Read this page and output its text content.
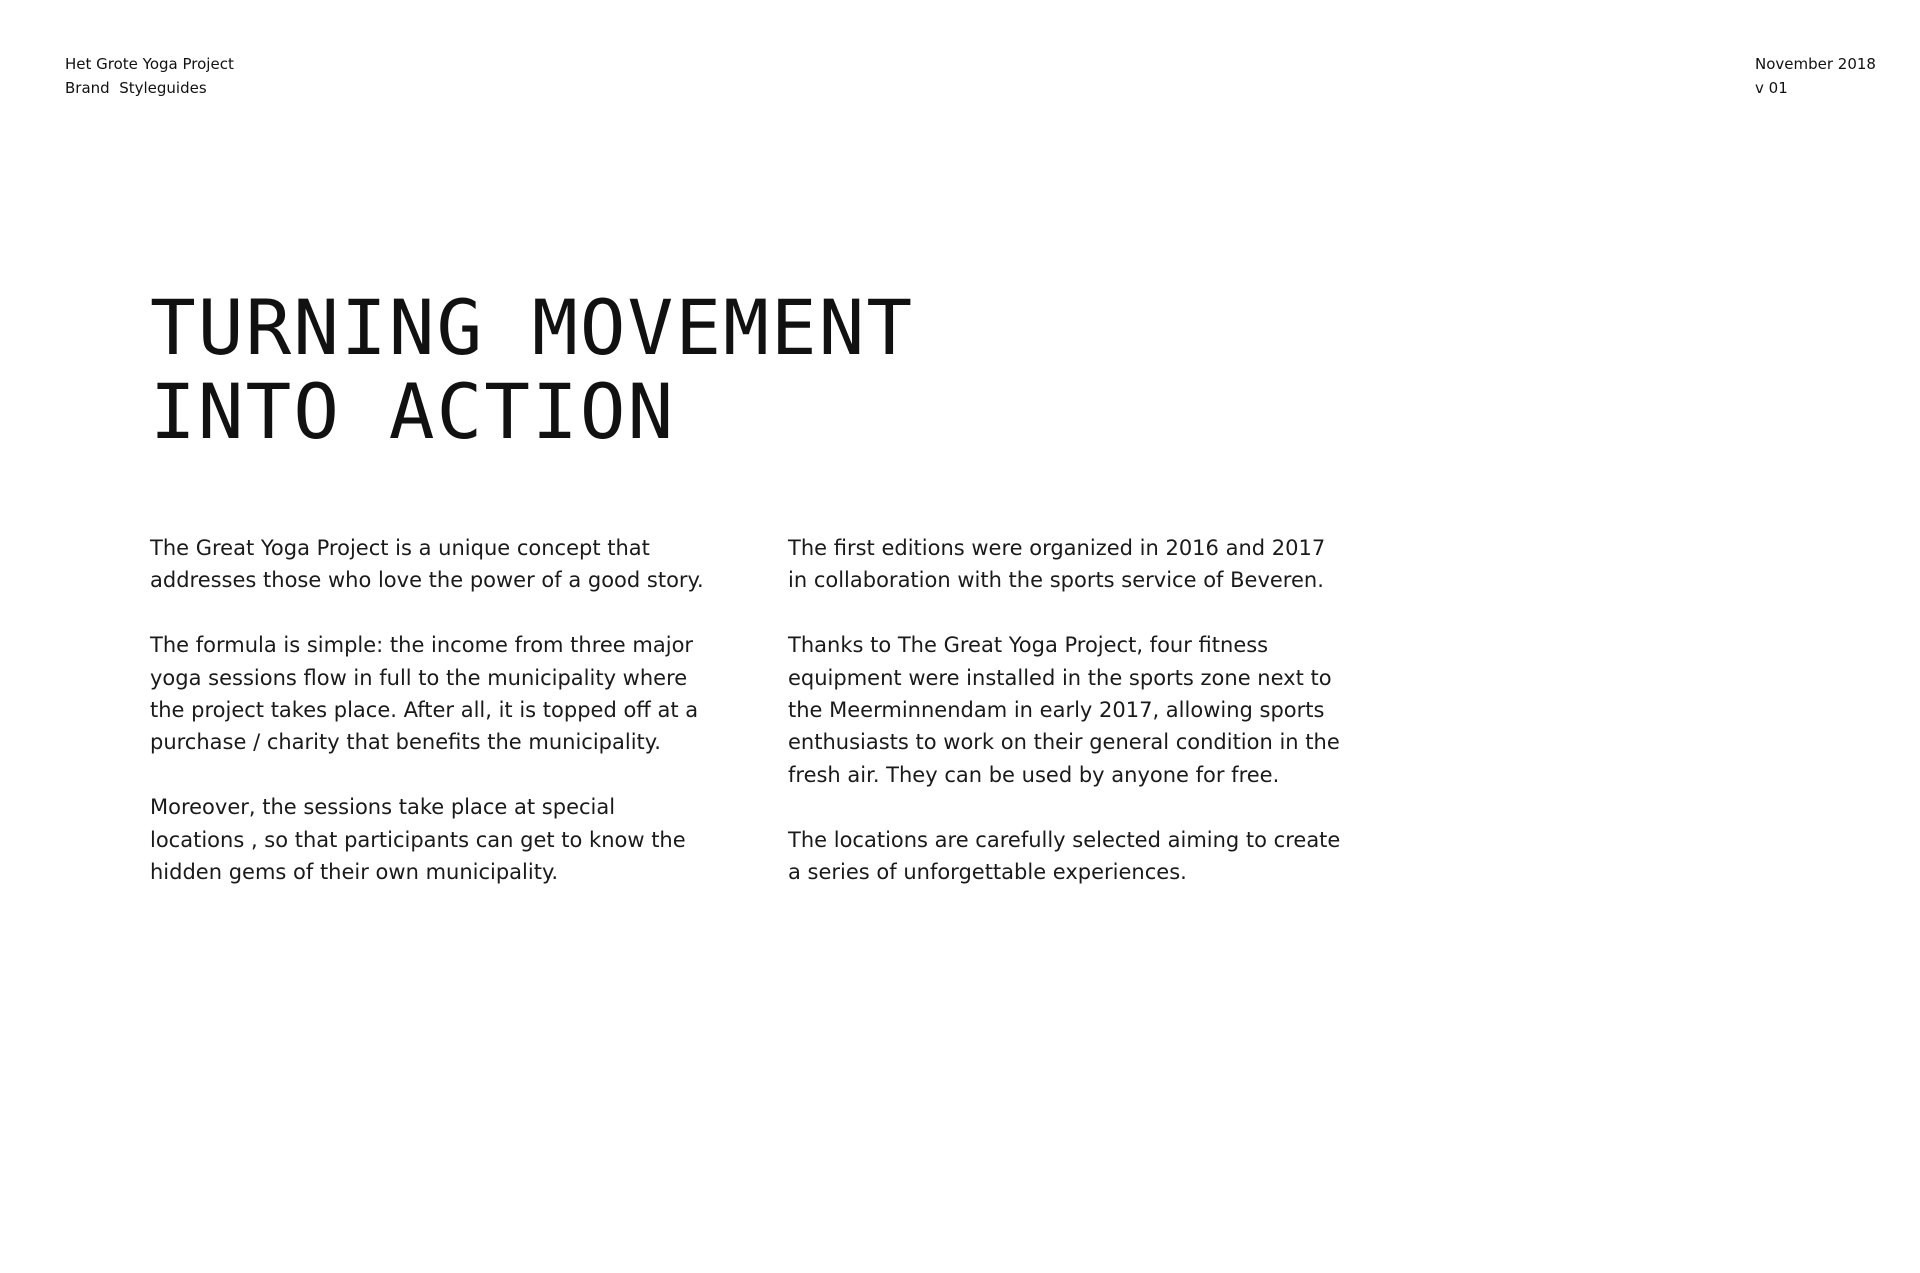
Het Grote Yoga Project
Brand  Styleguides
November 2018
v 01
TURNING MOVEMENT
INTO ACTION

The Great Yoga Project is a unique concept that addresses those who love the power of a good story.

The formula is simple: the income from three major yoga sessions flow in full to the municipality where the project takes place. After all, it is topped off at a purchase / charity that benefits the municipality.

Moreover, the sessions take place at special locations , so that participants can get to know the hidden gems of their own municipality.

The first editions were organized in 2016 and 2017 in collaboration with the sports service of Beveren.

Thanks to The Great Yoga Project, four fitness equipment were installed in the sports zone next to the Meerminnendam in early 2017, allowing sports enthusiasts to work on their general condition in the fresh air. They can be used by anyone for free.

The locations are carefully selected aiming to create a series of unforgettable experiences.
